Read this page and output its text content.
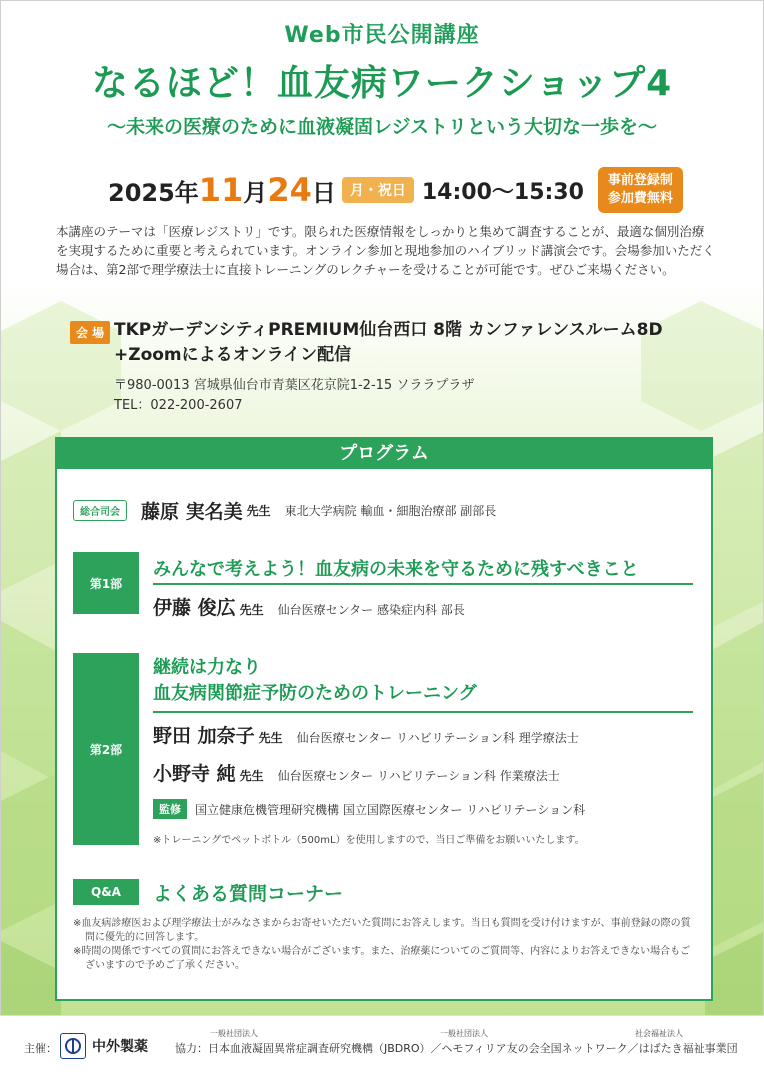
Web市民公開講座
なるほど！血友病ワークショップ4
〜未来の医療のために血液凝固レジストリという大切な一歩を〜
2025年 11 月 24 日	月・祝日 14:00〜15:30 事前登録制
参加費無料
本講座のテーマは「医療レジストリ」です。限られた医療情報をしっかりと集めて調査することが、最適な個別治療を実現するために重要と考えられています。オンライン参加と現地参加のハイブリッド講演会です。会場参加いただく場合は、第2部で理学療法士に直接トレーニングのレクチャーを受けることが可能です。ぜひご来場ください。
会 場 TKPガーデンシティPREMIUM仙台西口 8階 カンファレンスルーム8D
+Zoomによるオンライン配信
〒980-0013 宮城県仙台市青葉区花京院1-2-15 ソララプラザ
TEL：022-200-2607
プログラム
総合司会	藤原 実名美 先生 東北大学病院 輸血・細胞治療部 副部長
第1部
みんなで考えよう！血友病の未来を守るために残すべきこと
伊藤 俊広 先生 仙台医療センター 感染症内科 部長
第2部
継続は力なり
血友病関節症予防のためのトレーニング
野田 加奈子 先生 仙台医療センター リハビリテーション科 理学療法士
小野寺 純 先生 仙台医療センター リハビリテーション科 作業療法士
監修	国立健康危機管理研究機構 国立国際医療センター リハビリテーション科
※トレーニングでペットボトル（500mL）を使用しますので、当日ご準備をお願いいたします。
Q&A	よくある質問コーナー
※血友病診療医および理学療法士がみなさまからお寄せいただいた質問にお答えします。当日も質問を受け付けますが、事前登録の際の質問に優先的に回答します。
※時間の関係ですべての質問にお答えできない場合がございます。また、治療薬についてのご質問等、内容によりお答えできない場合もございますので予めご了承ください。
主催：	中外製薬
一般社団法人	一般社団法人	社会福祉法人
協力：日本血液凝固異常症調査研究機構（JBDRO）／ヘモフィリア友の会全国ネットワーク／はばたき福祉事業団
